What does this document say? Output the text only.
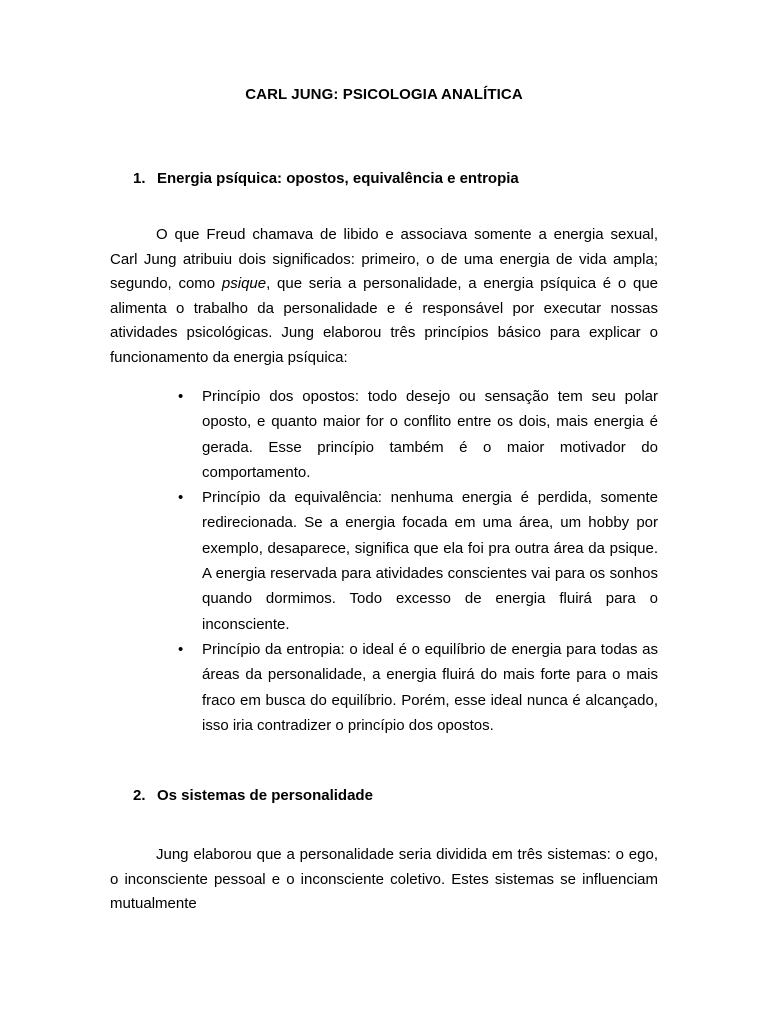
CARL JUNG: PSICOLOGIA ANALÍTICA
1. Energia psíquica: opostos, equivalência e entropia

O que Freud chamava de libido e associava somente a energia sexual, Carl Jung atribuiu dois significados: primeiro, o de uma energia de vida ampla; segundo, como psique, que seria a personalidade, a energia psíquica é o que alimenta o trabalho da personalidade e é responsável por executar nossas atividades psicológicas. Jung elaborou três princípios básico para explicar o funcionamento da energia psíquica:

• Princípio dos opostos: todo desejo ou sensação tem seu polar oposto, e quanto maior for o conflito entre os dois, mais energia é gerada. Esse princípio também é o maior motivador do comportamento.
• Princípio da equivalência: nenhuma energia é perdida, somente redirecionada. Se a energia focada em uma área, um hobby por exemplo, desaparece, significa que ela foi pra outra área da psique. A energia reservada para atividades conscientes vai para os sonhos quando dormimos. Todo excesso de energia fluirá para o inconsciente.
• Princípio da entropia: o ideal é o equilíbrio de energia para todas as áreas da personalidade, a energia fluirá do mais forte para o mais fraco em busca do equilíbrio. Porém, esse ideal nunca é alcançado, isso iria contradizer o princípio dos opostos.
2. Os sistemas de personalidade

Jung elaborou que a personalidade seria dividida em três sistemas: o ego, o inconsciente pessoal e o inconsciente coletivo. Estes sistemas se influenciam mutualmente
